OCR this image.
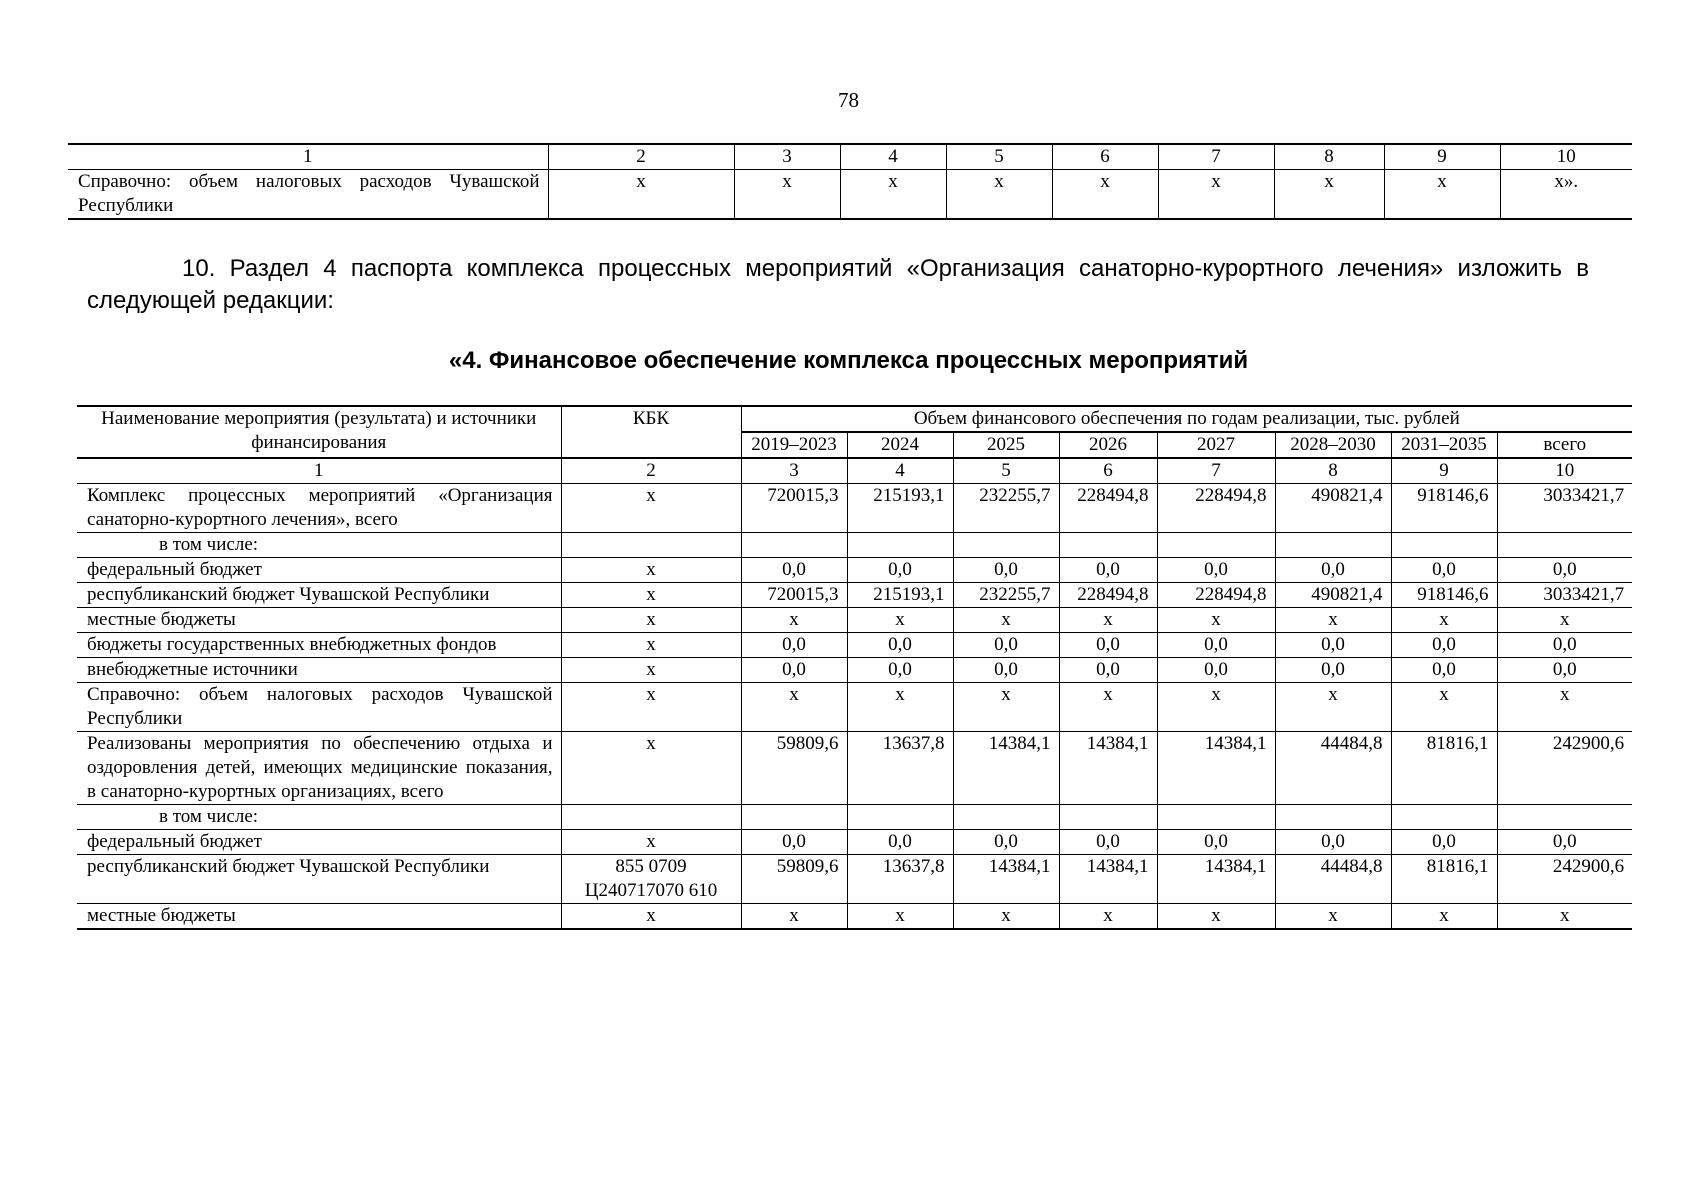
78
1	2	3	4	5	6	7	8	9	10
Справочно: объем налоговых расходов Чувашской Республики	х	х	х	х	х	х	х	х	х».
10. Раздел 4 паспорта комплекса процессных мероприятий «Организация санаторно-курортного лечения» изложить в следующей редакции:
«4. Финансовое обеспечение комплекса процессных мероприятий
Наименование мероприятия (результата) и источники финансирования	КБК	Объем финансового обеспечения по годам реализации, тыс. рублей							
		2019–2023	2024	2025	2026	2027	2028–2030	2031–2035	всего
1	2	3	4	5	6	7	8	9	10
Комплекс процессных мероприятий «Организация санаторно-курортного лечения», всего	х	720015,3	215193,1	232255,7	228494,8	228494,8	490821,4	918146,6	3033421,7
в том числе:									
федеральный бюджет	х	0,0	0,0	0,0	0,0	0,0	0,0	0,0	0,0
республиканский бюджет Чувашской Республики	х	720015,3	215193,1	232255,7	228494,8	228494,8	490821,4	918146,6	3033421,7
местные бюджеты	х	х	х	х	х	х	х	х	х
бюджеты государственных внебюджетных фондов	х	0,0	0,0	0,0	0,0	0,0	0,0	0,0	0,0
внебюджетные источники	х	0,0	0,0	0,0	0,0	0,0	0,0	0,0	0,0
Справочно: объем налоговых расходов Чувашской Республики	х	х	х	х	х	х	х	х	х
Реализованы мероприятия по обеспечению отдыха и оздоровления детей, имеющих медицинские показания, в санаторно-курортных организациях, всего	х	59809,6	13637,8	14384,1	14384,1	14384,1	44484,8	81816,1	242900,6
в том числе:									
федеральный бюджет	х	0,0	0,0	0,0	0,0	0,0	0,0	0,0	0,0
республиканский бюджет Чувашской Республики	855 0709 Ц240717070 610	59809,6	13637,8	14384,1	14384,1	14384,1	44484,8	81816,1	242900,6
местные бюджеты	х	х	х	х	х	х	х	х	х
